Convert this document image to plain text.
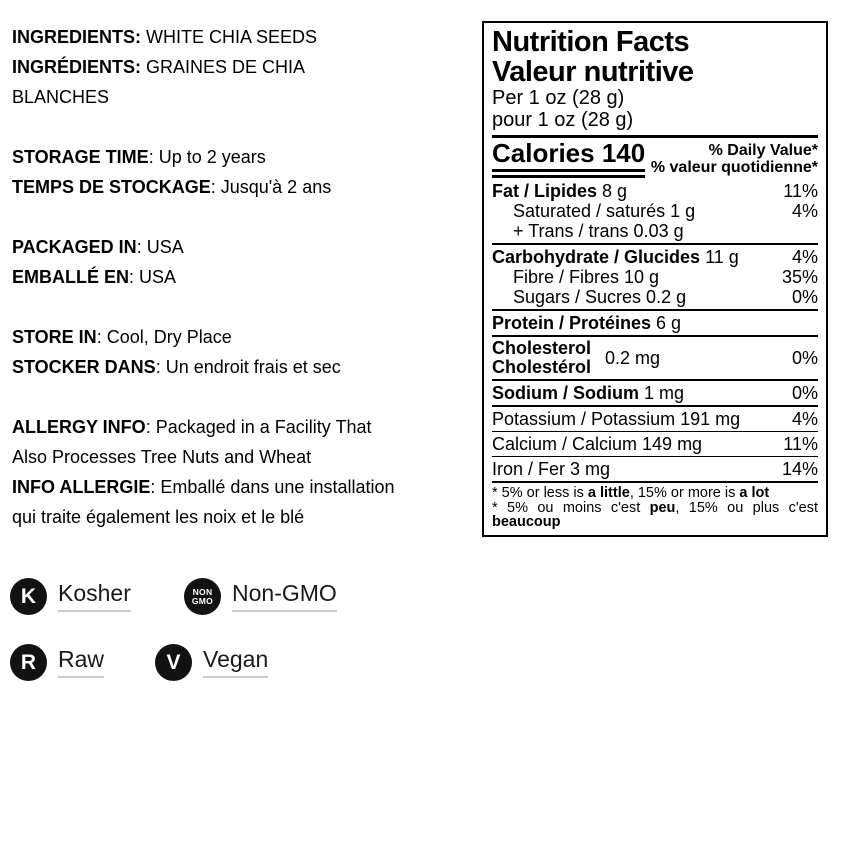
INGREDIENTS: WHITE CHIA SEEDS
INGRÉDIENTS: GRAINES DE CHIA
BLANCHES
STORAGE TIME: Up to 2 years
TEMPS DE STOCKAGE: Jusqu'à 2 ans
PACKAGED IN: USA
EMBALLÉ EN: USA
STORE IN: Cool, Dry Place
STOCKER DANS: Un endroit frais et sec
ALLERGY INFO: Packaged in a Facility That
Also Processes Tree Nuts and Wheat
INFO ALLERGIE: Emballé dans une installation
qui traite également les noix et le blé
Nutrition Facts
Valeur nutritive
Per 1 oz (28 g)
pour 1 oz (28 g)
Calories 140	% Daily Value*
% valeur quotidienne*
Fat / Lipides 8 g	11%
Saturated / saturés 1 g	4%
+ Trans / trans 0.03 g
Carbohydrate / Glucides 11 g	4%
Fibre / Fibres 10 g	35%
Sugars / Sucres 0.2 g	0%
Protein / Protéines 6 g
Cholesterol
Cholestérol 0.2 mg	0%
Sodium / Sodium 1 mg	0%
Potassium / Potassium 191 mg	4%
Calcium / Calcium 149 mg	11%
Iron / Fer 3 mg	14%
* 5% or less is a little, 15% or more is a lot
* 5% ou moins c'est peu, 15% ou plus c'est beaucoup
K Kosher	NON
GMO Non-GMO
R Raw	V Vegan
